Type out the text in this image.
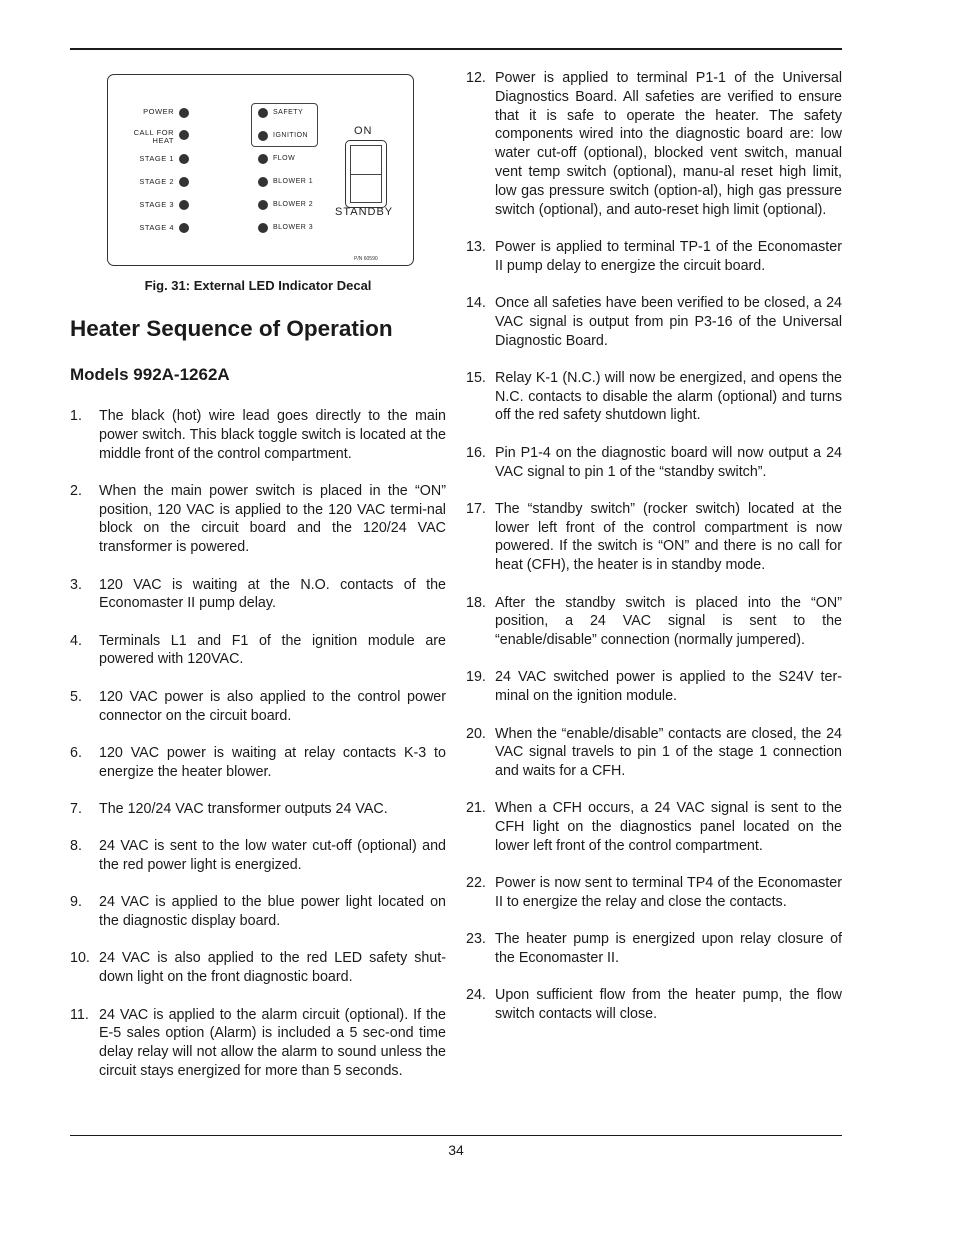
POWER
CALL FOR HEAT
STAGE 1
STAGE 2
STAGE 3
STAGE 4
SAFETY
IGNITION
FLOW
BLOWER 1
BLOWER 2
BLOWER 3
ON
STANDBY
P/N 60590
Fig. 31: External LED Indicator Decal
Heater Sequence of Operation
Models 992A-1262A
1. The black (hot) wire lead goes directly to the main power switch. This black toggle switch is located at the middle front of the control compartment.
2. When the main power switch is placed in the “ON” position, 120 VAC is applied to the 120 VAC termi-nal block on the circuit board and the 120/24 VAC transformer is powered.
3. 120 VAC is waiting at the N.O. contacts of the Economaster II pump delay.
4. Terminals L1 and F1 of the ignition module are powered with 120VAC.
5. 120 VAC power is also applied to the control power connector on the circuit board.
6. 120 VAC power is waiting at relay contacts K-3 to energize the heater blower.
7. The 120/24 VAC transformer outputs 24 VAC.
8. 24 VAC is sent to the low water cut-off (optional) and the red power light is energized.
9. 24 VAC is applied to the blue power light located on the diagnostic display board.
10. 24 VAC is also applied to the red LED safety shut-down light on the front diagnostic board.
11. 24 VAC is applied to the alarm circuit (optional). If the E-5 sales option (Alarm) is included a 5 sec-ond time delay relay will not allow the alarm to sound unless the circuit stays energized for more than 5 seconds.
12. Power is applied to terminal P1-1 of the Universal Diagnostics Board. All safeties are verified to ensure that it is safe to operate the heater. The safety components wired into the diagnostic board are: low water cut-off (optional), blocked vent switch, manual vent temp switch (optional), manu-al reset high limit, low gas pressure switch (option-al), high gas pressure switch (optional), and auto-reset high limit (optional).
13. Power is applied to terminal TP-1 of the Economaster II pump delay to energize the circuit board.
14. Once all safeties have been verified to be closed, a 24 VAC signal is output from pin P3-16 of the Universal Diagnostic Board.
15. Relay K-1 (N.C.) will now be energized, and opens the N.C. contacts to disable the alarm (optional) and turns off the red safety shutdown light.
16. Pin P1-4 on the diagnostic board will now output a 24 VAC signal to pin 1 of the “standby switch”.
17. The “standby switch” (rocker switch) located at the lower left front of the control compartment is now powered. If the switch is “ON” and there is no call for heat (CFH), the heater is in standby mode.
18. After the standby switch is placed into the “ON” position, a 24 VAC signal is sent to the “enable/disable” connection (normally jumpered).
19. 24 VAC switched power is applied to the S24V ter-minal on the ignition module.
20. When the “enable/disable” contacts are closed, the 24 VAC signal travels to pin 1 of the stage 1 connection and waits for a CFH.
21. When a CFH occurs, a 24 VAC signal is sent to the CFH light on the diagnostics panel located on the lower left front of the control compartment.
22. Power is now sent to terminal TP4 of the Economaster II to energize the relay and close the contacts.
23. The heater pump is energized upon relay closure of the Economaster II.
24. Upon sufficient flow from the heater pump, the flow switch contacts will close.
34
